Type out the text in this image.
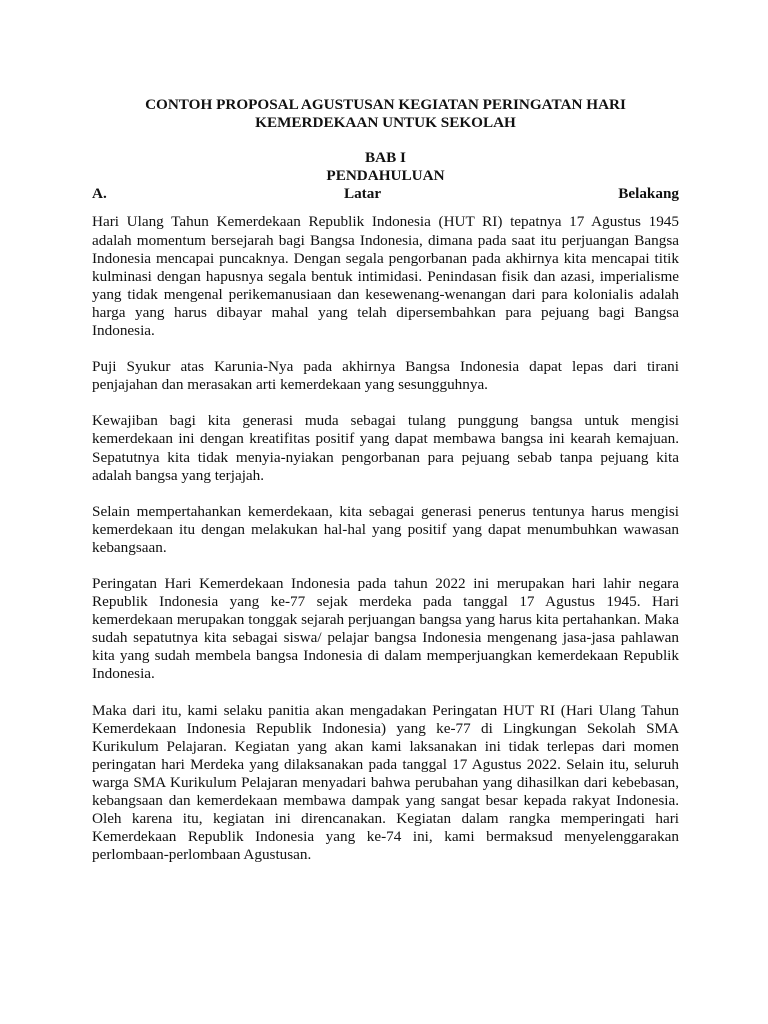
CONTOH PROPOSAL AGUSTUSAN KEGIATAN PERINGATAN HARI
KEMERDEKAAN UNTUK SEKOLAH
BAB I
PENDAHULUAN
A.	Latar	Belakang

Hari Ulang Tahun Kemerdekaan Republik Indonesia (HUT RI) tepatnya 17 Agustus 1945 adalah momentum bersejarah bagi Bangsa Indonesia, dimana pada saat itu perjuangan Bangsa Indonesia mencapai puncaknya. Dengan segala pengorbanan pada akhirnya kita mencapai titik kulminasi dengan hapusnya segala bentuk intimidasi. Penindasan fisik dan azasi, imperialisme yang tidak mengenal perikemanusiaan dan kesewenang-wenangan dari para kolonialis adalah harga yang harus dibayar mahal yang telah dipersembahkan para pejuang bagi Bangsa Indonesia.

Puji Syukur atas Karunia-Nya pada akhirnya Bangsa Indonesia dapat lepas dari tirani penjajahan dan merasakan arti kemerdekaan yang sesungguhnya.

Kewajiban bagi kita generasi muda sebagai tulang punggung bangsa untuk mengisi kemerdekaan ini dengan kreatifitas positif yang dapat membawa bangsa ini kearah kemajuan. Sepatutnya kita tidak menyia-nyiakan pengorbanan para pejuang sebab tanpa pejuang kita adalah bangsa yang terjajah.

Selain mempertahankan kemerdekaan, kita sebagai generasi penerus tentunya harus mengisi kemerdekaan itu dengan melakukan hal-hal yang positif yang dapat menumbuhkan wawasan kebangsaan.

Peringatan Hari Kemerdekaan Indonesia pada tahun 2022 ini merupakan hari lahir negara Republik Indonesia yang ke-77 sejak merdeka pada tanggal 17 Agustus 1945. Hari kemerdekaan merupakan tonggak sejarah perjuangan bangsa yang harus kita pertahankan. Maka sudah sepatutnya kita sebagai siswa/ pelajar bangsa Indonesia mengenang jasa-jasa pahlawan kita yang sudah membela bangsa Indonesia di dalam memperjuangkan kemerdekaan Republik Indonesia.

Maka dari itu, kami selaku panitia akan mengadakan Peringatan HUT RI (Hari Ulang Tahun Kemerdekaan Indonesia Republik Indonesia) yang ke-77 di Lingkungan Sekolah SMA Kurikulum Pelajaran. Kegiatan yang akan kami laksanakan ini tidak terlepas dari momen peringatan hari Merdeka yang dilaksanakan pada tanggal 17 Agustus 2022. Selain itu, seluruh warga SMA Kurikulum Pelajaran menyadari bahwa perubahan yang dihasilkan dari kebebasan, kebangsaan dan kemerdekaan membawa dampak yang sangat besar kepada rakyat Indonesia. Oleh karena itu, kegiatan ini direncanakan. Kegiatan dalam rangka memperingati hari Kemerdekaan Republik Indonesia yang ke-74 ini, kami bermaksud menyelenggarakan perlombaan-perlombaan Agustusan.
